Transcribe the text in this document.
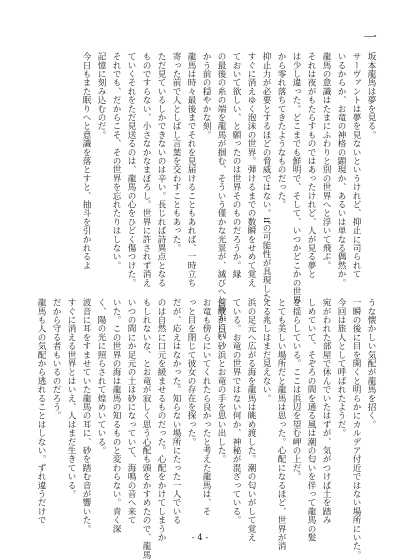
一
坂本龍馬は夢を見る。
サーヴァントは夢を見ないというけれど、抑止に司られて
いるからか、お竜の神格の顕現か、あるいは単なる偶然か。
龍馬の意識はたまにふわりと別の世界へと浮いて飛ぶ。
それは夜がもたらすものではあったけれど、人が見る夢と
は少し違った。どこまでも鮮明で、そして、いつかどこかの世界
から零れ落ちてきたようなものだった。
抑止力が必要とするほどの脅威ではない。ifの可能性が具現した
すぐに消えゆく泡沫の世界。弾けるまでの数瞬をせめて覚え
ておいて欲しい、と願ったのは世界そのものだろうか。縁
の最後の糸の端を龍馬が掴む、そういう僅かな光景が、滅びへと静かに向
かう前の穏やかな刻。
龍馬は時々最後までそれを見届けることもあれば、一時立ち
寄った前で人としばし言葉を交わすこともあった。
ただ見ているしかできないのは辛い。長じれば詩異点となる
ものですらない、小さなかなまぼろし。世界に許されず消え
ていくそれをただ見送るのは、龍馬の心をひどく傷つけた。
それでも、だからこそ、その世界を忘れたりはしない。
記憶に刻み込むのだ。
今日もまた眠りへと意識を落とすと、抽斗を引かれるよ
うな懐かしい気配が龍馬を招く。
一瞬の後に目を開くと明らかにカルデア付近ではない場所にいた。
今回は旅人として呼ばれたようだ。
宛がわれた部屋で休んでいたはずが、気がつけば土を踏み
しめていて、そぞろの間を通る風は潮の匂いを伴って龍馬の髪
を揺らしている。ここは浜辺を望む岬の上だ。
とても美しい場所だと龍馬は思った。心配になるほど、世界が消
える兆しはまだ見えない。
浜の足元へ広がる海を龍馬は眺め渡した。潮の匂いがして覚え
ている。お竜の世界ではない何か、神秘が混ざっている。
何故か白い砂浜とお竜の手を思い出した。
お竜も傍らにいてくれたら良かったと考えた龍馬は、そ
っと目を閉じて彼女の存在を探った。
だが、応えはなかった。知らない場所にたった一人でいる
のは自然に口元を緩ませるものだった。心配をかけてしまうか
もしれないな、とお竜が寂しく思う心配も頭をかすめたので、龍馬
いつの間にか足元の土は砂になっていて、海鳴の音へ来て
いた。この世界の海は龍馬の知るものと変わらない。青く深
く、陽の光に照らされて煌めいている。
波音に耳をすませていた龍馬の耳に、砂を踏む音が響いた。
すぐに消える世界とはいえ、人はまだ生きている。
だから守る者もいるのだろう。
龍馬も人の気配から逃れることはしない。ずれ違うだけで
- 4 -
